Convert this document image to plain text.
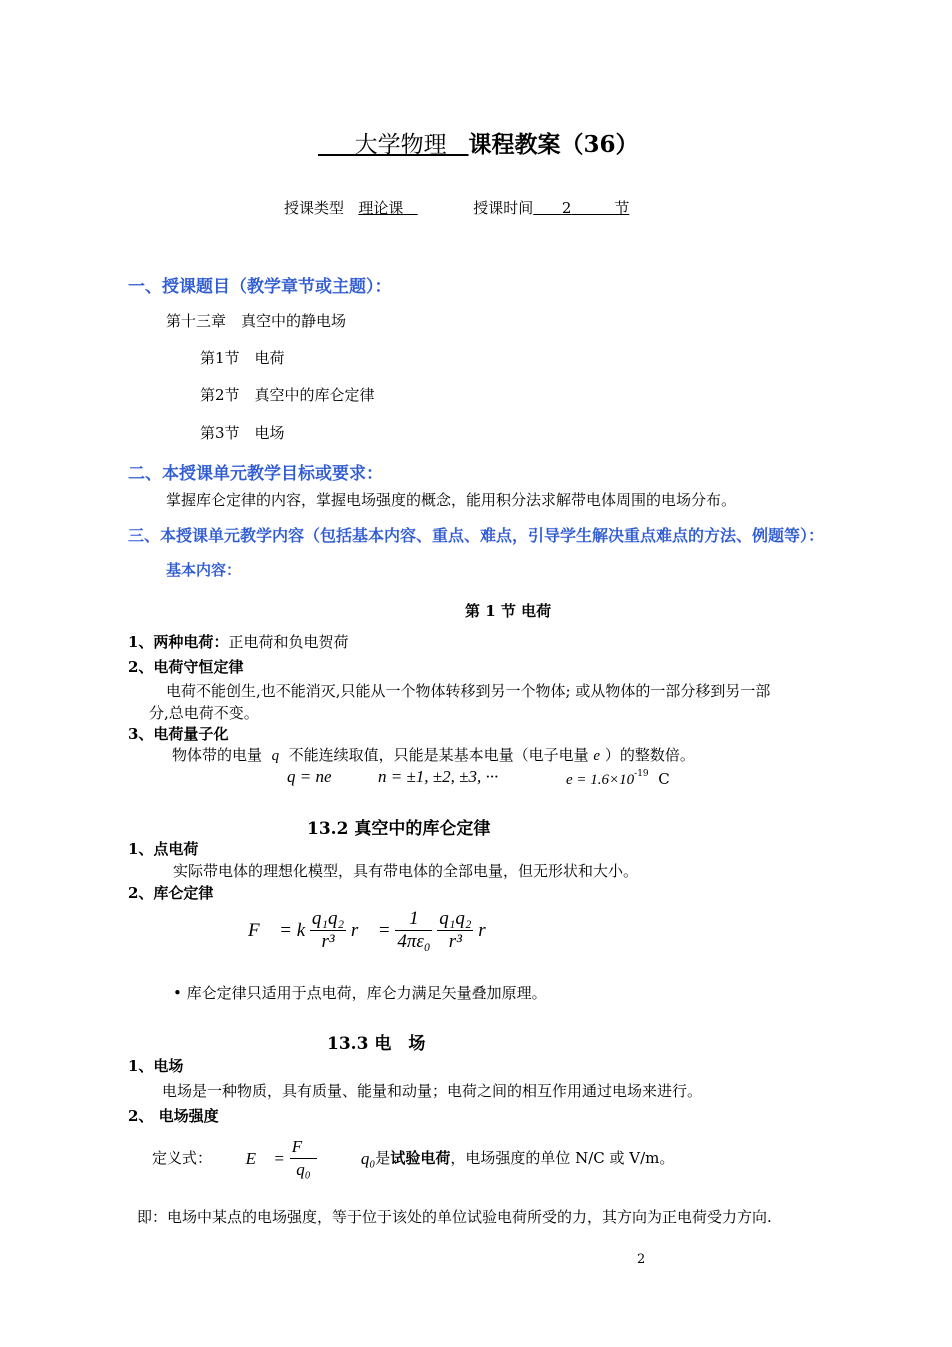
大学物理 课程教案（36）
授课类型 理论课	授课时间 2	节
一、授课题目（教学章节或主题）：
第十三章　真空中的静电场
第1节　电荷
第2节　真空中的库仑定律
第3节　电场
二、本授课单元教学目标或要求：
掌握库仑定律的内容，掌握电场强度的概念，能用积分法求解带电体周围的电场分布。
三、本授课单元教学内容（包括基本内容、重点、难点，引导学生解决重点难点的方法、例题等）：
基本内容：
第 1 节 电荷
1、两种电荷：正电荷和负电贺荷
2、电荷守恒定律
电荷不能创生,也不能消灭,只能从一个物体转移到另一个物体; 或从物体的一部分移到另一部
分,总电荷不变。
3、电荷量子化
物体带的电量 q 不能连续取值，只能是某基本电量（电子电量 e ）的整数倍。
q = ne	n = ±1, ±2, ±3, ···	$e = 1.6\times 10^{-19}$ C
13.2 真空中的库仑定律
1、点电荷
实际带电体的理想化模型，具有带电体的全部电量，但无形状和大小。
2、库仑定律
F⃗ = k $\frac{\text{q₁q₂}}{\text{r³}}$ r⃗ = $\frac{1}{\text{4πε₀}}$
$\frac{\text{q₁q₂}}{\text{r³}}$ r⃗
• 库仑定律只适用于点电荷，库仑力满足矢量叠加原理。
13.3 电　场
1、电场
电场是一种物质，具有质量、能量和动量；电荷之间的相互作用通过电场来进行。
2、 电场强度
定义式： E⃗ = $\frac{F⃗}{\text{q₀}}$	q₀是试验电荷，电场强度的单位 N/C 或 V/m。
即：电场中某点的电场强度，等于位于该处的单位试验电荷所受的力，其方向为正电荷受力方向.
2
